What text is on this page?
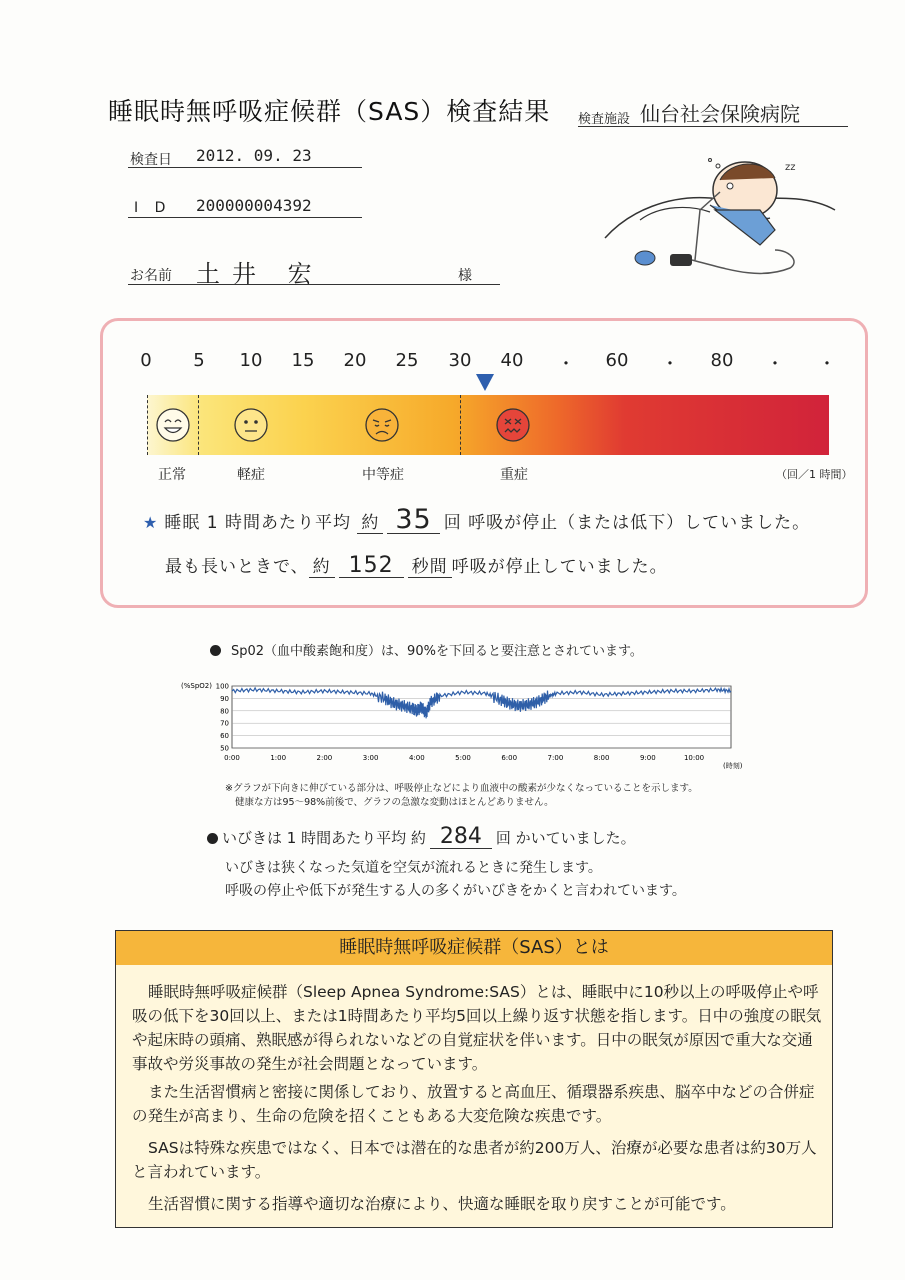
睡眠時無呼吸症候群（SAS）検査結果 検査施設 仙台社会保険病院
検査日 2012. 09. 23
I D 200000004392
お名前 土井 宏	様
zz
0 5 10 15 20 25 30 40 ・ 60 ・ 80 ・ ・
正常	軽症	中等症	重症	（回／1 時間）
★ 睡眠 1 時間あたり平均 約 35 回 呼吸が停止（または低下）していました。
最も長いときで、 約 152 秒間 呼吸が停止していました。
Sp02（血中酸素飽和度）は、90%を下回ると要注意とされています。
(%SpO2) 100
90
80
70
60
50
0:00	1:00	2:00	3:00	4:00	5:00	6:00	7:00	8:00	9:00	10:00
(時刻)
※グラフが下向きに伸びている部分は、呼吸停止などにより血液中の酸素が少なくなっていることを示します。
健康な方は95～98%前後で、グラフの急激な変動はほとんどありません。
いびきは 1 時間あたり平均 約 284 回 かいていました。
いびきは狭くなった気道を空気が流れるときに発生します。
呼吸の停止や低下が発生する人の多くがいびきをかくと言われています。
睡眠時無呼吸症候群（SAS）とは
睡眠時無呼吸症候群（Sleep Apnea Syndrome:SAS）とは、睡眠中に10秒以上の呼吸停止や呼吸の低下を30回以上、または1時間あたり平均5回以上繰り返す状態を指します。日中の強度の眠気や起床時の頭痛、熟眠感が得られないなどの自覚症状を伴います。日中の眠気が原因で重大な交通事故や労災事故の発生が社会問題となっています。
また生活習慣病と密接に関係しており、放置すると高血圧、循環器系疾患、脳卒中などの合併症の発生が高まり、生命の危険を招くこともある大変危険な疾患です。
SASは特殊な疾患ではなく、日本では潜在的な患者が約200万人、治療が必要な患者は約30万人と言われています。
生活習慣に関する指導や適切な治療により、快適な睡眠を取り戻すことが可能です。
